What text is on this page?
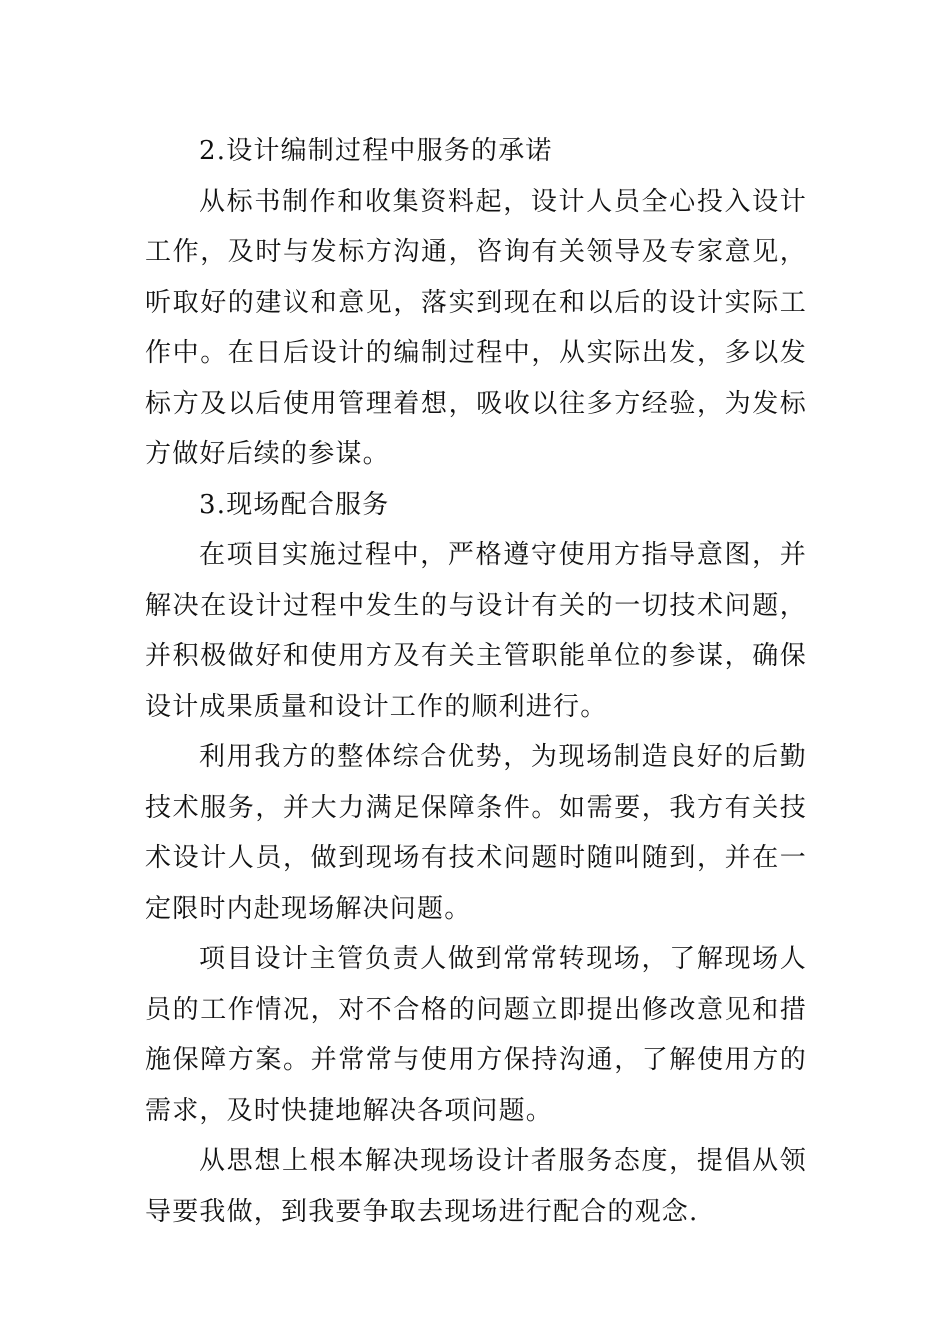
2.设计编制过程中服务的承诺

从标书制作和收集资料起，设计人员全心投入设计工作，及时与发标方沟通，咨询有关领导及专家意见，听取好的建议和意见，落实到现在和以后的设计实际工作中。在日后设计的编制过程中，从实际出发，多以发标方及以后使用管理着想，吸收以往多方经验，为发标方做好后续的参谋。

3.现场配合服务

在项目实施过程中，严格遵守使用方指导意图，并解决在设计过程中发生的与设计有关的一切技术问题，并积极做好和使用方及有关主管职能单位的参谋，确保设计成果质量和设计工作的顺利进行。

利用我方的整体综合优势，为现场制造良好的后勤技术服务，并大力满足保障条件。如需要，我方有关技术设计人员，做到现场有技术问题时随叫随到，并在一定限时内赴现场解决问题。

项目设计主管负责人做到常常转现场，了解现场人员的工作情况，对不合格的问题立即提出修改意见和措施保障方案。并常常与使用方保持沟通，了解使用方的需求，及时快捷地解决各项问题。

从思想上根本解决现场设计者服务态度，提倡从领导要我做，到我要争取去现场进行配合的观念.
